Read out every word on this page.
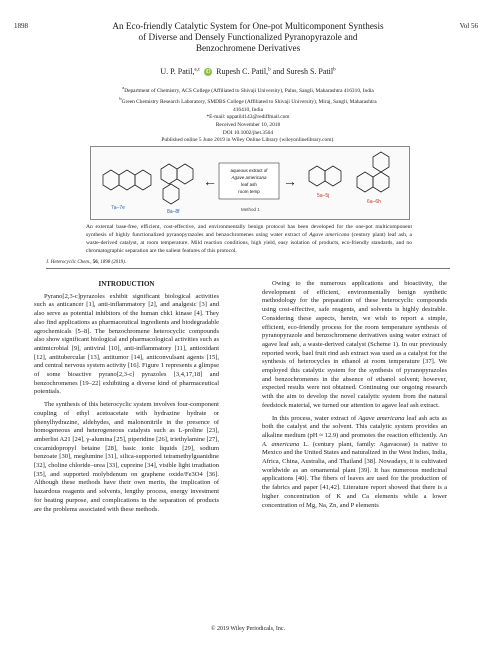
1898	Vol 56
An Eco-friendly Catalytic System for One-pot Multicomponent Synthesis
of Diverse and Densely Functionalized Pyranopyrazole and
Benzochromene Derivatives
U. P. Patil,$^{a,c}$ iD Rupesh C. Patil,$^b$ and Suresh S. Patil$^b$
$^a$Department of Chemistry, ACS College (Affiliated to Shivaji University), Palus, Sangli, Maharashtra 416310, India
$^b$Green Chemistry Research Laboratory, SMDBS College (Affiliated to Shivaji University), Miraj, Sangli, Maharashtra
416410, India
*E-mail: uppatil4143@rediffmail.com
Received November 10, 2018
DOI 10.1002/jhet.3564
Published online 5 June 2019 in Wiley Online Library (wileyonlinelibrary.com).
7a–7e
8a–8f
←
aqueous extract of
Agave americana
leaf ash
room temp
→
5a–5j
6a–6h
Method 1
An external base-free, efficient, cost-effective, and environmentally benign protocol has been developed for the one-pot multicomponent synthesis of highly functionalized pyranopyrazoles and benzochromenes using water extract of Agave americana (century plant) leaf ash, a waste-derived catalyst, at room temperature. Mild reaction conditions, high yield, easy isolation of products, eco-friendly standards, and no chromatographic separation are the salient features of this protocol.
J. Heterocyclic Chem., 56, 1898 (2019).

INTRODUCTION

Pyrano[2,3-c]pyrazoles exhibit significant biological activities such as anticancer [1], anti-inflammatory [2], and analgesic [3] and also serve as potential inhibitors of the human chk1 kinase [4]. They also find applications as pharmaceutical ingredients and biodegradable agrochemicals [5–8]. The benzochromene heterocyclic compounds also show significant biological and pharmacological activities such as antimicrobial [9], antiviral [10], anti-inflammatory [11], antioxidant [12], antitubercular [13], antitumor [14], anticonvulsant agents [15], and central nervous system activity [16]. Figure 1 represents a glimpse of some bioactive pyrano[2,3-c] pyrazoles [3,4,17,18] and benzochromenes [19–22] exhibiting a diverse kind of pharmaceutical potentials.

The synthesis of this heterocyclic system involves four-component coupling of ethyl acetoacetate with hydrazine hydrate or phenylhydrazine, aldehydes, and malononitrile in the presence of homogeneous and heterogeneous catalysts such as L-proline [23], amberlist A21 [24], γ-alumina [25], piperidine [26], triethylamine [27], cocamidopropyl betaine [28], basic ionic liquids [29], sodium benzoate [30], meglumine [31], silica-supported tetramethylguanidine [32], choline chloride–urea [33], cupreine [34], visible light irradiation [35], and supported molybdenum on graphene oxide/Fe3O4 [36]. Although these methods have their own merits, the implication of hazardous reagents and solvents, lengthy process, energy investment for heating purpose, and complications in the separation of products are the problems associated with these methods.

Owing to the numerous applications and bioactivity, the development of efficient, environmentally benign synthetic methodology for the preparation of these heterocyclic compounds using cost-effective, safe reagents, and solvents is highly desirable. Considering these aspects, herein, we wish to report a simple, efficient, eco-friendly process for the room temperature synthesis of pyranopyrazole and benzochromene derivatives using water extract of agave leaf ash, a waste-derived catalyst (Scheme 1). In our previously reported work, bael fruit rind ash extract was used as a catalyst for the synthesis of heterocycles in ethanol at room temperature [37]. We employed this catalytic system for the synthesis of pyranopyrazoles and benzochromenes in the absence of ethanol solvent; however, expected results were not obtained. Continuing our ongoing research with the aim to develop the novel catalytic system from the natural feedstock material, we turned our attention to agave leaf ash extract.

In this process, water extract of Agave americana leaf ash acts as both the catalyst and the solvent. This catalytic system provides an alkaline medium (pH ≈ 12.9) and promotes the reaction efficiently. An A. americana L. (century plant, family: Agavaceae) is native to Mexico and the United States and naturalized in the West Indies, India, Africa, China, Australia, and Thailand [38]. Nowadays, it is cultivated worldwide as an ornamental plant [39]. It has numerous medicinal applications [40]. The fibers of leaves are used for the production of the fabrics and paper [41,42]. Literature report showed that there is a higher concentration of K and Ca elements while a lower concentration of Mg, Na, Zn, and P elements

© 2019 Wiley Periodicals, Inc.
